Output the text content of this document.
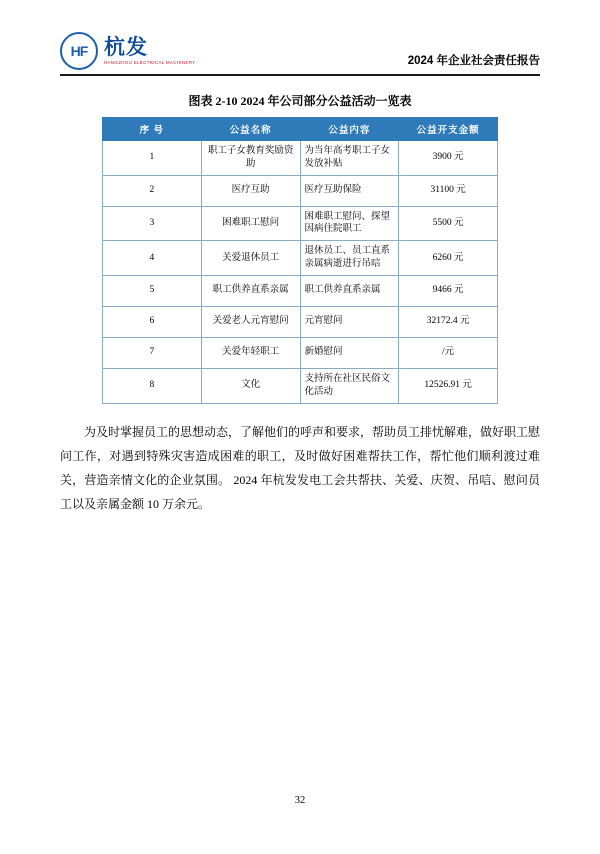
HF 杭发
HANGZHOU ELECTRICAL MACHINERY	2024 年企业社会责任报告
图表 2-10 2024 年公司部分公益活动一览表
序 号	公益名称	公益内容	公益开支金额
1	职工子女教育奖励资助	为当年高考职工子女发放补贴	3900 元
2	医疗互助	医疗互助保险	31100 元
3	困难职工慰问	困难职工慰问、探望因病住院职工	5500 元
4	关爱退休员工	退休员工、员工直系亲属病逝进行吊唁	6260 元
5	职工供养直系亲属	职工供养直系亲属	9466 元
6	关爱老人元宵慰问	元宵慰问	32172.4 元
7	关爱年轻职工	新婚慰问	/元
8	文化	支持所在社区民俗文化活动	12526.91 元

为及时掌握员工的思想动态，了解他们的呼声和要求，帮助员工排忧解难，做好职工慰问工作，对遇到特殊灾害造成困难的职工，及时做好困难帮扶工作，帮忙他们顺利渡过难关，营造亲情文化的企业氛围。 2024 年杭发发电工会共帮扶、关爱、庆贺、吊唁、慰问员工以及亲属金额 10 万余元。

32
